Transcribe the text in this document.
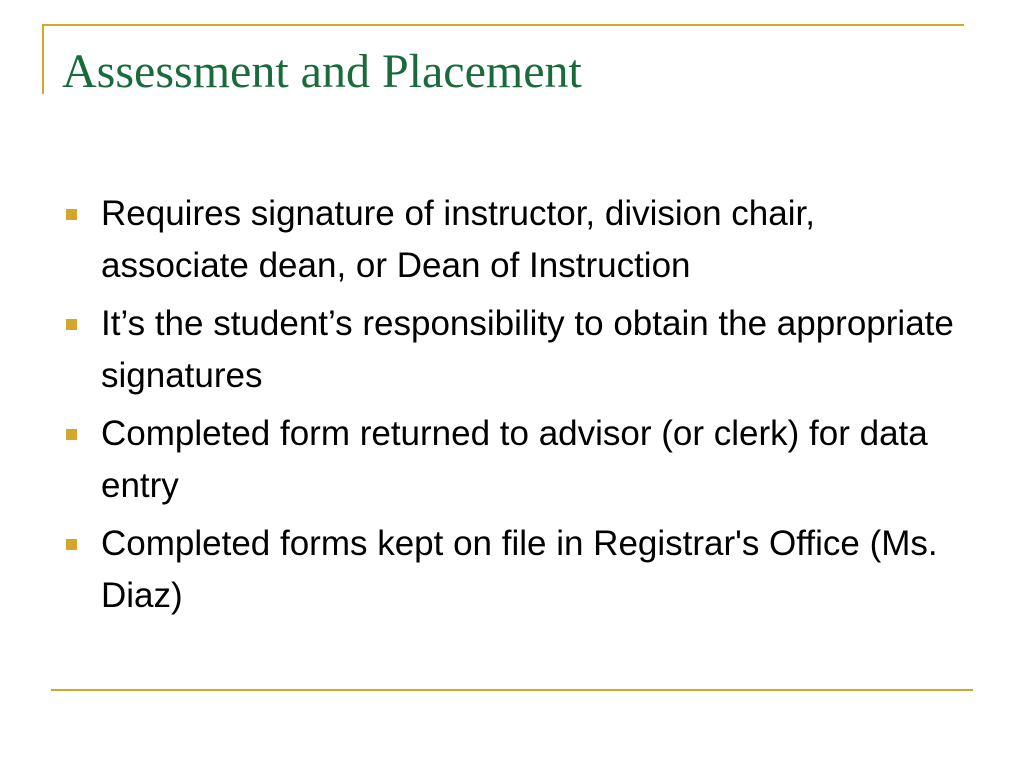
Assessment and Placement
Requires signature of instructor, division chair, associate dean, or Dean of Instruction
It’s the student’s responsibility to obtain the appropriate signatures
Completed form returned to advisor (or clerk) for data entry
Completed forms kept on file in Registrar's Office (Ms. Diaz)
